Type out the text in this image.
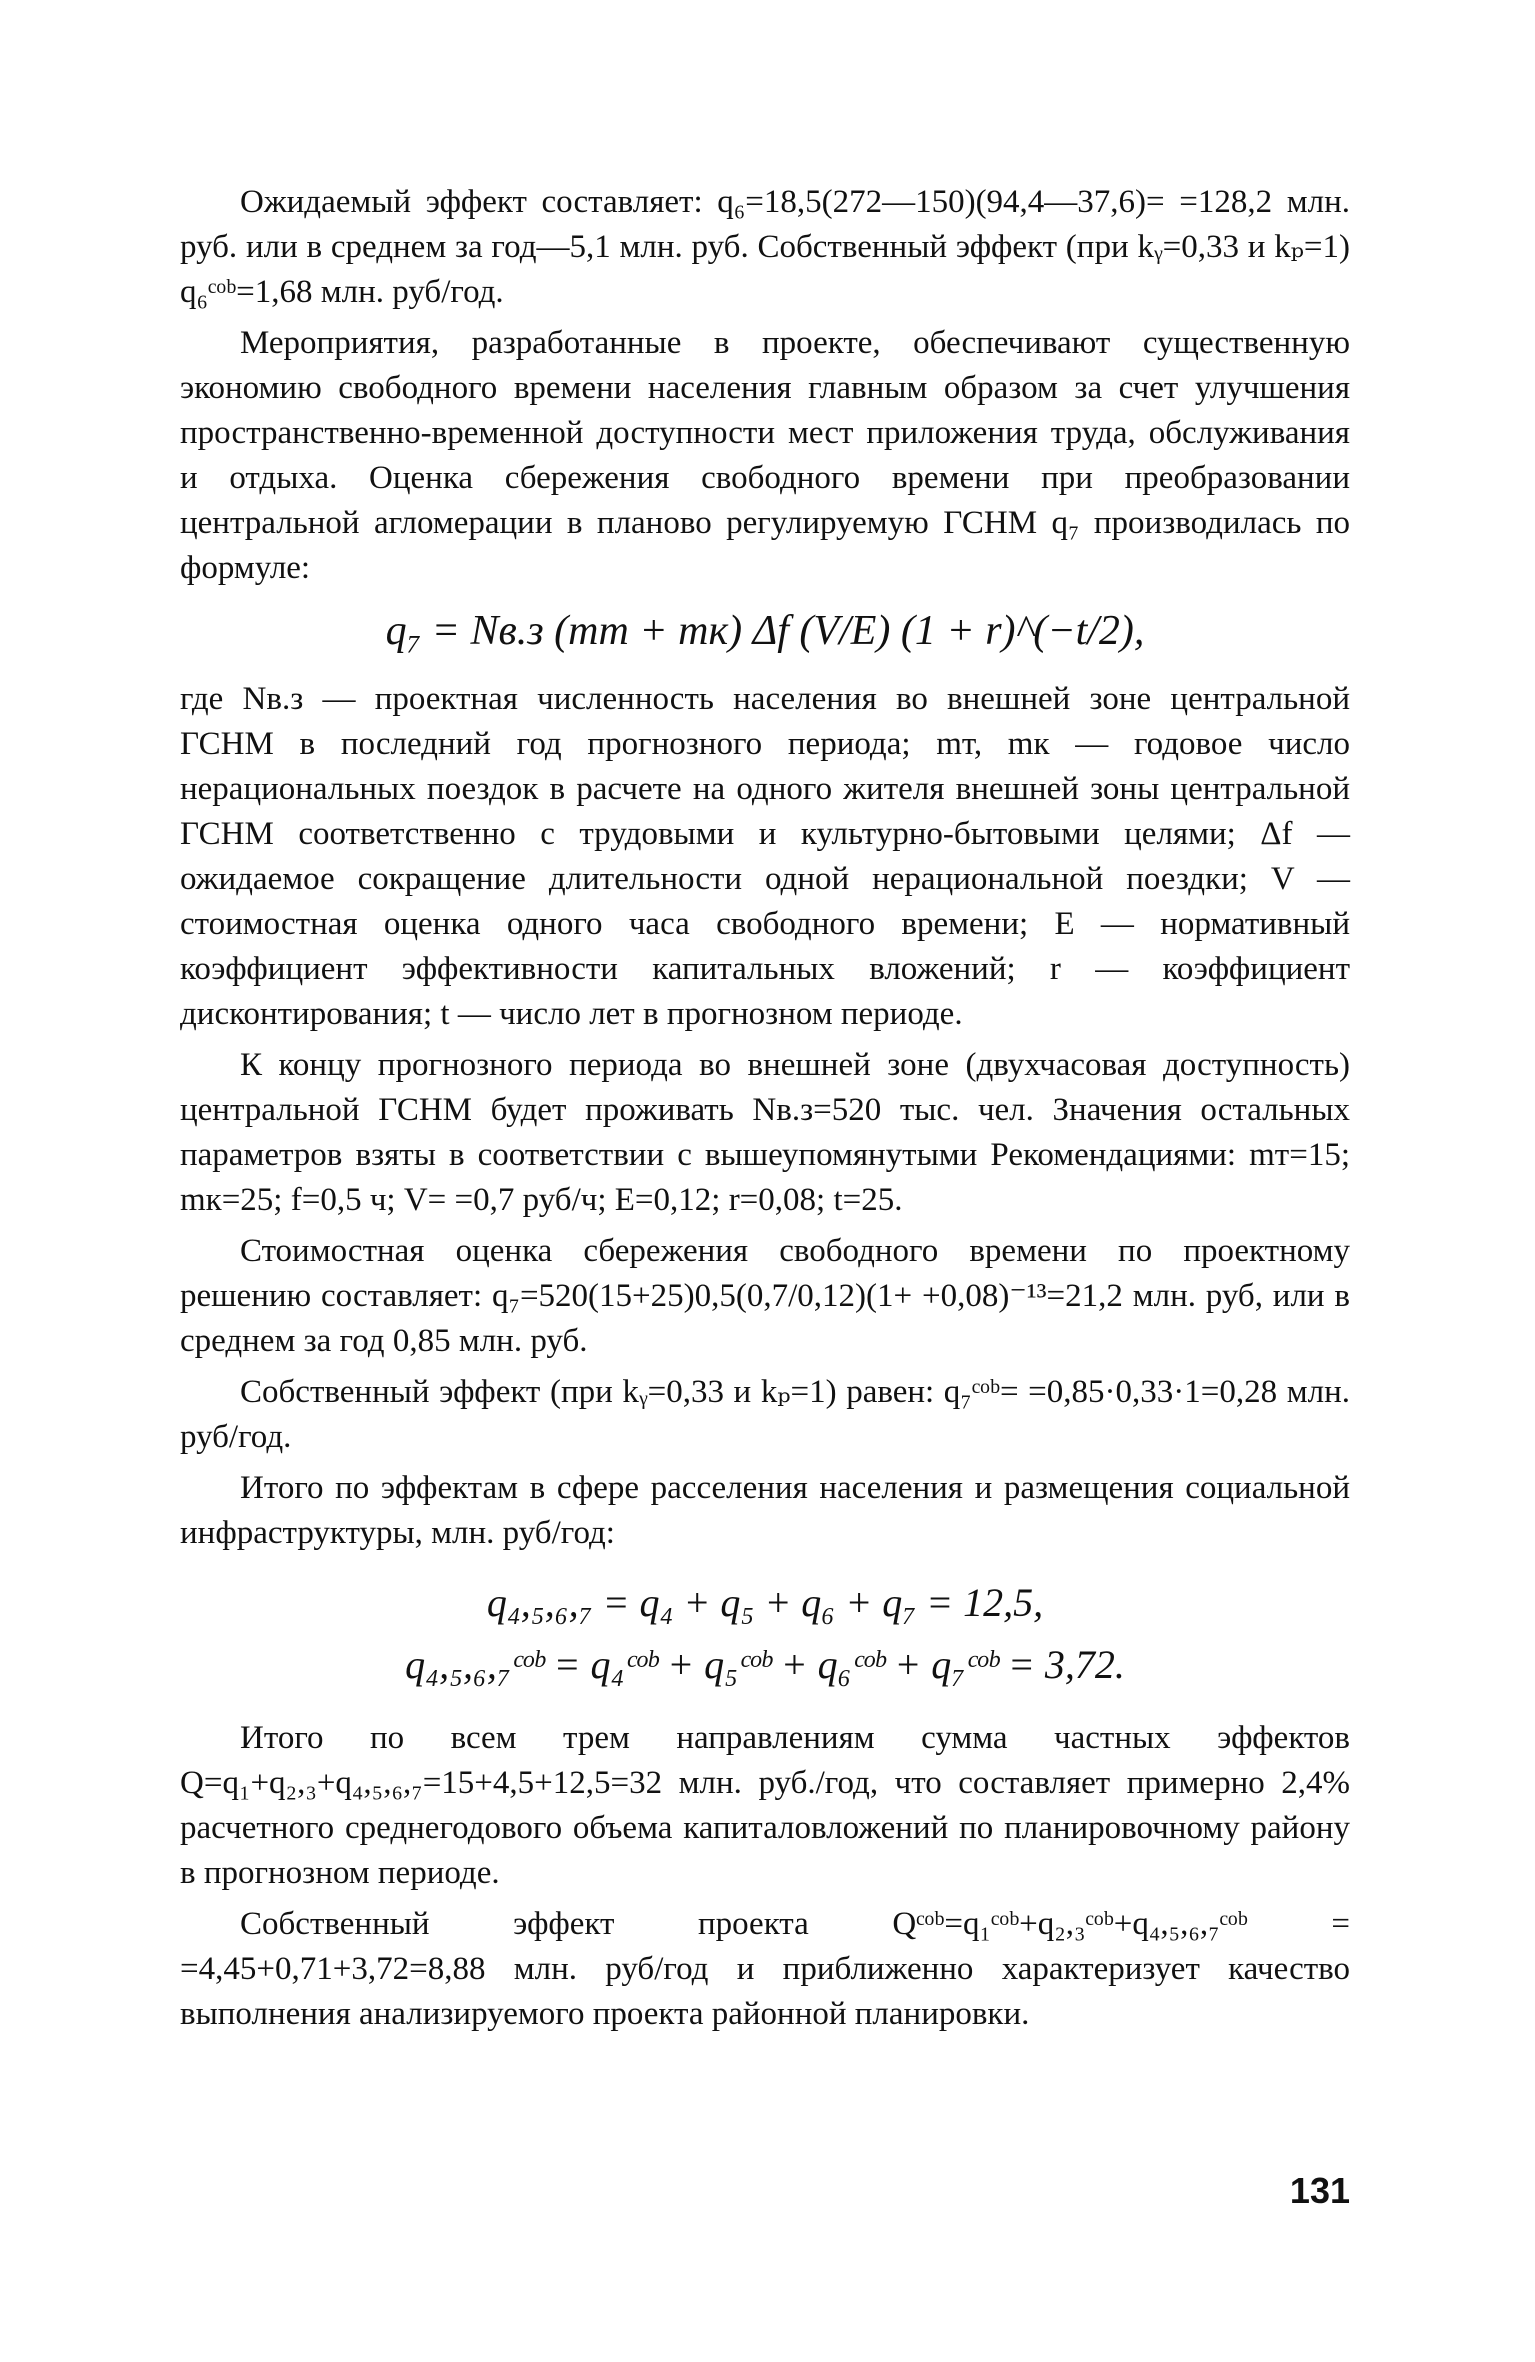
Ожидаемый эффект составляет: q₆=18,5(272—150)(94,4—37,6)= =128,2 млн. руб. или в среднем за год—5,1 млн. руб. Собственный эффект (при kᵧ=0,33 и kₚ=1) q₆ᶜᵒᵇ=1,68 млн. руб/год.

Мероприятия, разработанные в проекте, обеспечивают существенную экономию свободного времени населения главным образом за счет улучшения пространственно-временной доступности мест приложения труда, обслуживания и отдыха. Оценка сбережения свободного времени при преобразовании центральной агломерации в планово регулируемую ГСНМ q₇ производилась по формуле:

q₇ = Nв.з (mт + mк) Δf (V/E) (1 + r)^(−t/2),

где Nв.з — проектная численность населения во внешней зоне центральной ГСНМ в последний год прогнозного периода; mт, mк — годовое число нерациональных поездок в расчете на одного жителя внешней зоны центральной ГСНМ соответственно с трудовыми и культурно-бытовыми целями; Δf — ожидаемое сокращение длительности одной нерациональной поездки; V — стоимостная оценка одного часа свободного времени; E — нормативный коэффициент эффективности капитальных вложений; r — коэффициент дисконтирования; t — число лет в прогнозном периоде.

К концу прогнозного периода во внешней зоне (двухчасовая доступность) центральной ГСНМ будет проживать Nв.з=520 тыс. чел. Значения остальных параметров взяты в соответствии с вышеупомянутыми Рекомендациями: mт=15; mк=25; f=0,5 ч; V= =0,7 руб/ч; E=0,12; r=0,08; t=25.

Стоимостная оценка сбережения свободного времени по проектному решению составляет: q₇=520(15+25)0,5(0,7/0,12)(1+ +0,08)⁻¹³=21,2 млн. руб, или в среднем за год 0,85 млн. руб.

Собственный эффект (при kᵧ=0,33 и kₚ=1) равен: q₇ᶜᵒᵇ= =0,85·0,33·1=0,28 млн. руб/год.

Итого по эффектам в сфере расселения населения и размещения социальной инфраструктуры, млн. руб/год:

q₄,₅,₆,₇ = q₄ + q₅ + q₆ + q₇ = 12,5,
q₄,₅,₆,₇ᶜᵒᵇ = q₄ᶜᵒᵇ + q₅ᶜᵒᵇ + q₆ᶜᵒᵇ + q₇ᶜᵒᵇ = 3,72.

Итого по всем трем направлениям сумма частных эффектов Q=q₁+q₂,₃+q₄,₅,₆,₇=15+4,5+12,5=32 млн. руб./год, что составляет примерно 2,4% расчетного среднегодового объема капиталовложений по планировочному району в прогнозном периоде.

Собственный эффект проекта Qᶜᵒᵇ=q₁ᶜᵒᵇ+q₂,₃ᶜᵒᵇ+q₄,₅,₆,₇ᶜᵒᵇ = =4,45+0,71+3,72=8,88 млн. руб/год и приближенно характеризует качество выполнения анализируемого проекта районной планировки.

131
